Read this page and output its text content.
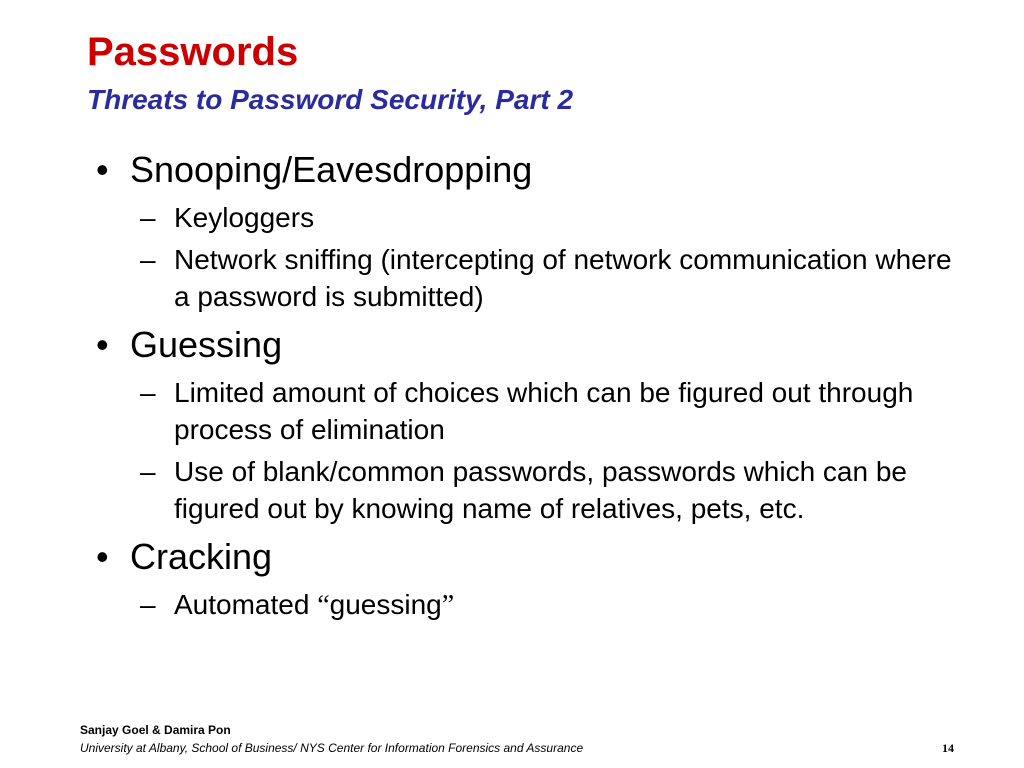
Passwords
Threats to Password Security, Part 2
• Snooping/Eavesdropping
– Keyloggers
– Network sniffing (intercepting of network communication where a password is submitted)
• Guessing
– Limited amount of choices which can be figured out through process of elimination
– Use of blank/common passwords, passwords which can be figured out by knowing name of relatives, pets, etc.
• Cracking
– Automated “guessing”
Sanjay Goel & Damira Pon
University at Albany, School of Business/ NYS Center for Information Forensics and Assurance	14
